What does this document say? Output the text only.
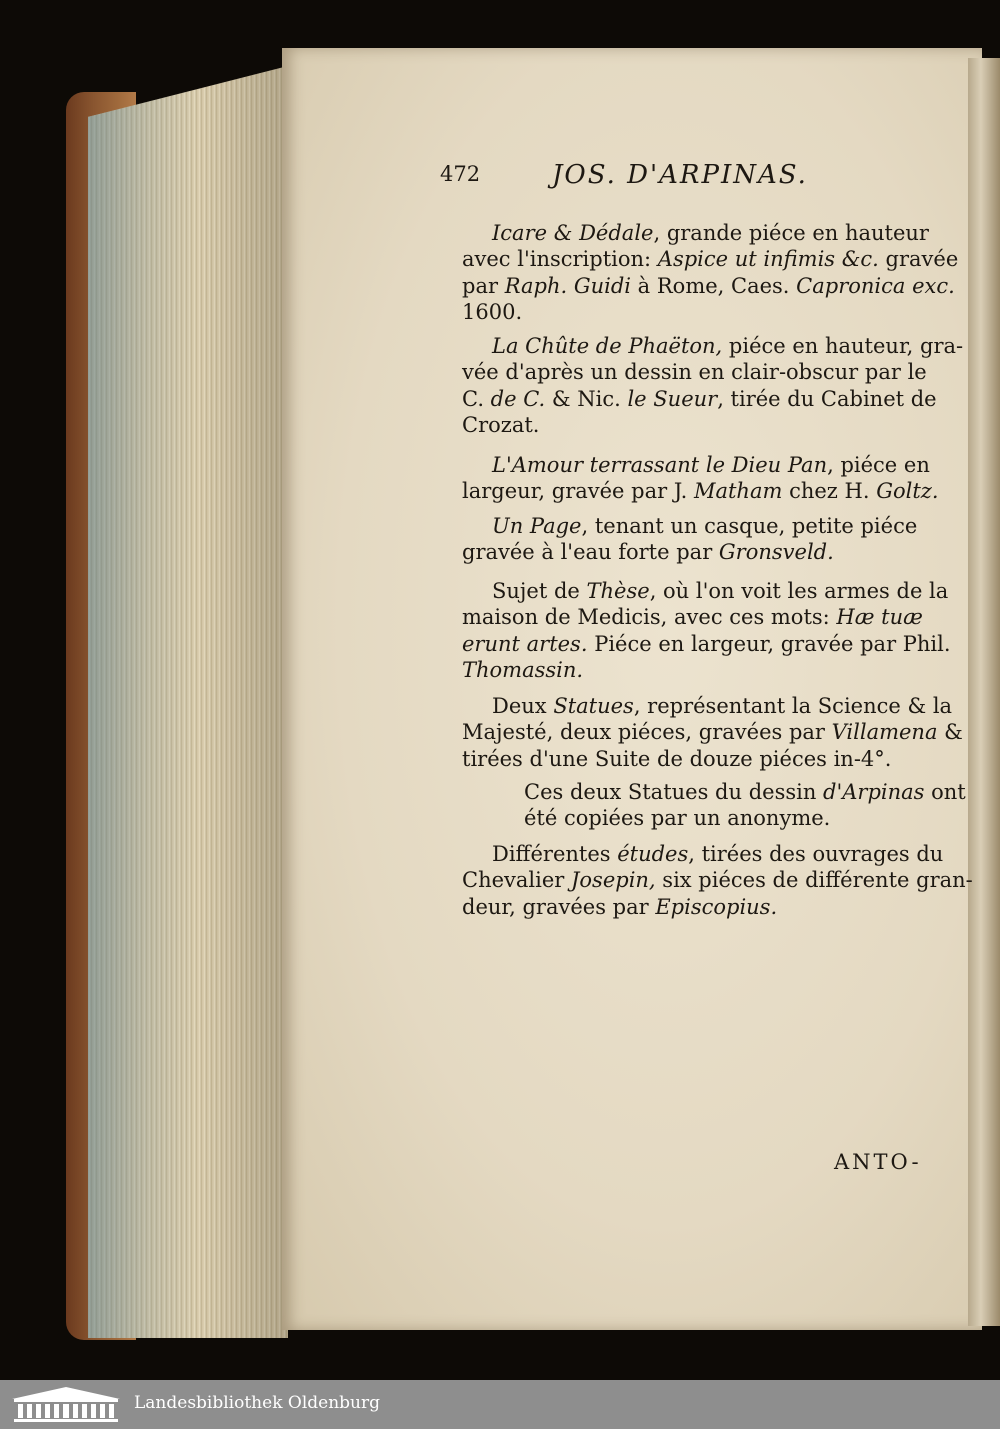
472	JOS. D'ARPINAS.
Icare & Dédale, grande piéce en hauteur
avec l'inscription: Aspice ut infimis &c. gravée
par Raph. Guidi à Rome, Caes. Capronica exc.
1600.
La Chûte de Phaëton, piéce en hauteur, gra-
vée d'après un dessin en clair-obscur par le
C. de C. & Nic. le Sueur, tirée du Cabinet de
Crozat.
L'Amour terrassant le Dieu Pan, piéce en
largeur, gravée par J. Matham chez H. Goltz.
Un Page, tenant un casque, petite piéce
gravée à l'eau forte par Gronsveld.
Sujet de Thèse, où l'on voit les armes de la
maison de Medicis, avec ces mots: Hæ tuæ
erunt artes. Piéce en largeur, gravée par Phil.
Thomassin.
Deux Statues, représentant la Science & la
Majesté, deux piéces, gravées par Villamena &
tirées d'une Suite de douze piéces in-4°.
Ces deux Statues du dessin d'Arpinas ont
été copiées par un anonyme.
Différentes études, tirées des ouvrages du
Chevalier Josepin, six piéces de différente gran-
deur, gravées par Episcopius.
ANTO-
Landesbibliothek Oldenburg
